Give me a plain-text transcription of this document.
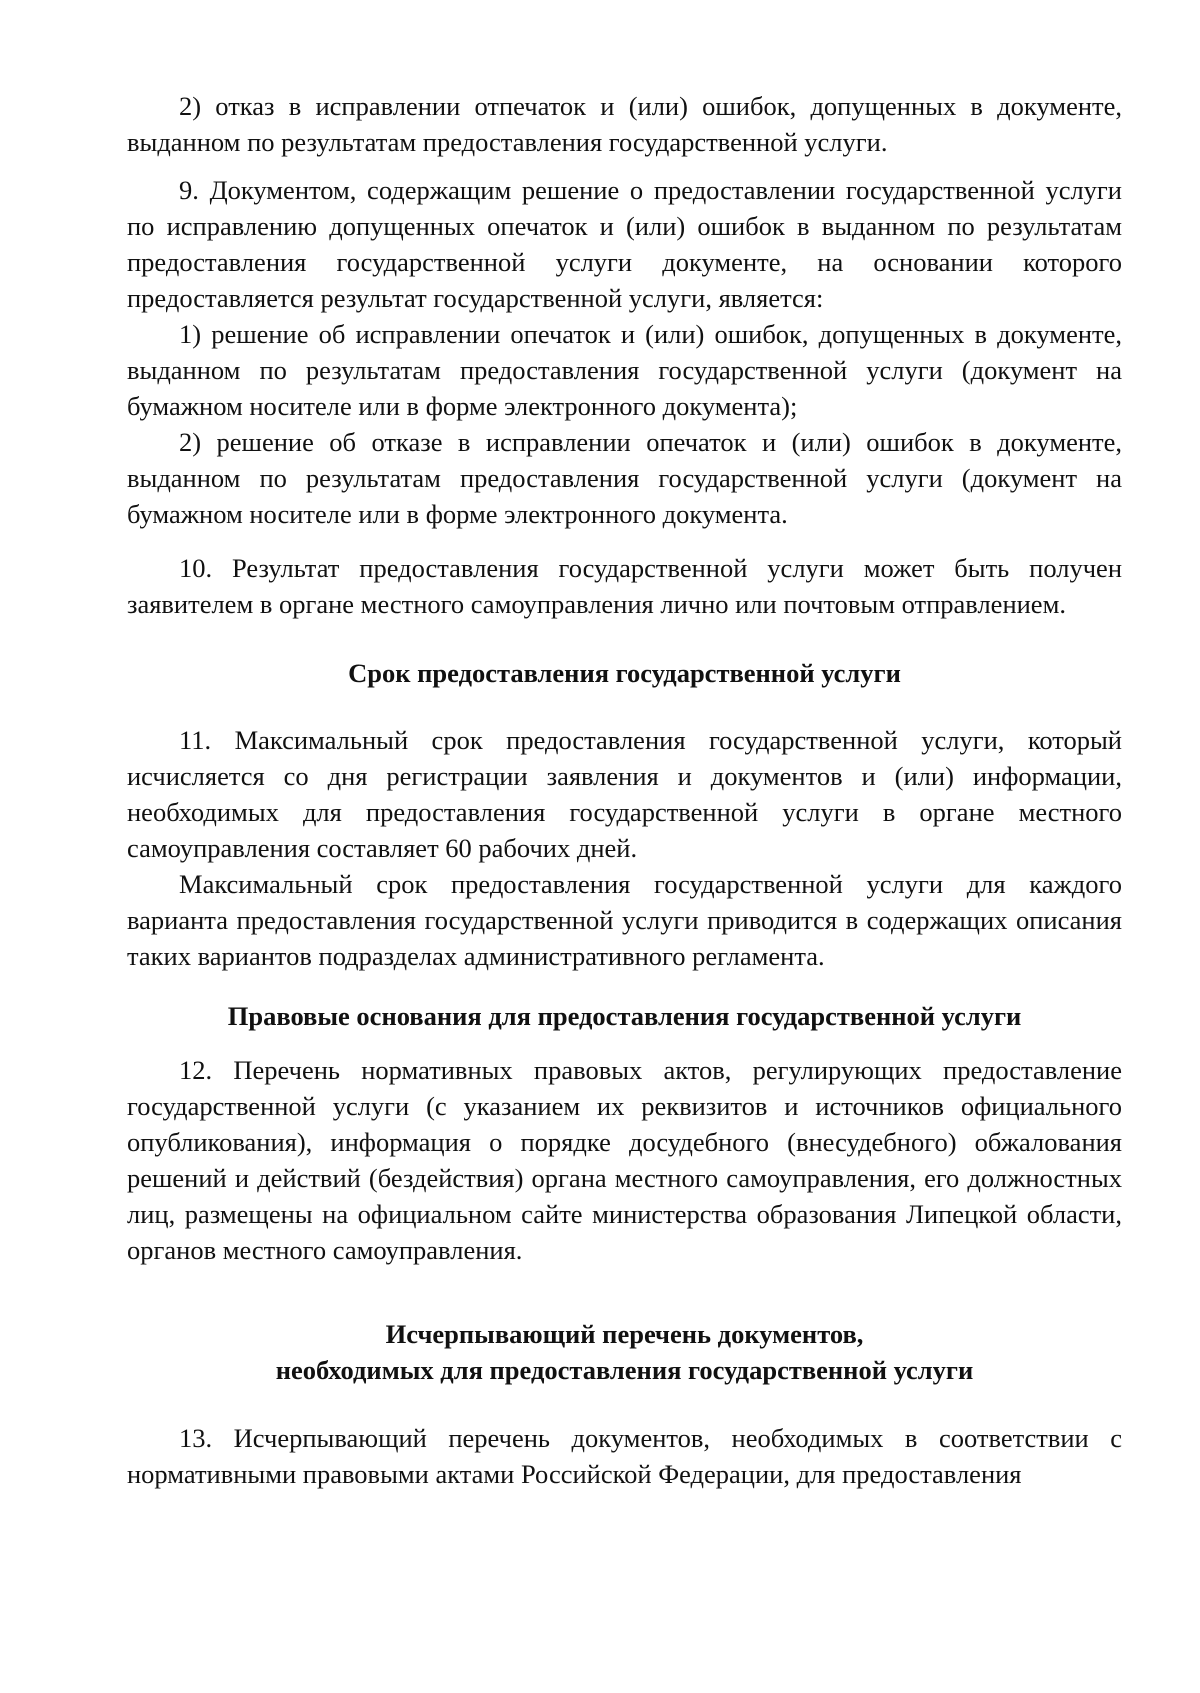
2) отказ в исправлении отпечаток и (или) ошибок, допущенных в документе, выданном по результатам предоставления государственной услуги.

9. Документом, содержащим решение о предоставлении государственной услуги по исправлению допущенных опечаток и (или) ошибок в выданном по результатам предоставления государственной услуги документе, на основании которого предоставляется результат государственной услуги, является:

1) решение об исправлении опечаток и (или) ошибок, допущенных в документе, выданном по результатам предоставления государственной услуги (документ на бумажном носителе или в форме электронного документа);

2) решение об отказе в исправлении опечаток и (или) ошибок в документе, выданном по результатам предоставления государственной услуги (документ на бумажном носителе или в форме электронного документа.

10. Результат предоставления государственной услуги может быть получен заявителем в органе местного самоуправления лично или почтовым отправлением.

Срок предоставления государственной услуги

11. Максимальный срок предоставления государственной услуги, который исчисляется со дня регистрации заявления и документов и (или) информации, необходимых для предоставления государственной услуги в органе местного самоуправления составляет 60 рабочих дней.

Максимальный срок предоставления государственной услуги для каждого варианта предоставления государственной услуги приводится в содержащих описания таких вариантов подразделах административного регламента.

Правовые основания для предоставления государственной услуги

12. Перечень нормативных правовых актов, регулирующих предоставление государственной услуги (с указанием их реквизитов и источников официального опубликования), информация о порядке досудебного (внесудебного) обжалования решений и действий (бездействия) органа местного самоуправления, его должностных лиц, размещены на официальном сайте министерства образования Липецкой области, органов местного самоуправления.

Исчерпывающий перечень документов,
необходимых для предоставления государственной услуги

13. Исчерпывающий перечень документов, необходимых в соответствии с нормативными правовыми актами Российской Федерации, для предоставления
